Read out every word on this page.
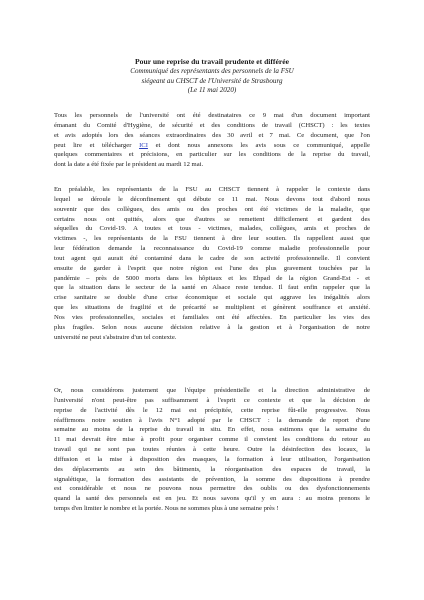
Pour une reprise du travail prudente et différée

Communiqué des représentants des personnels de la FSU

siégeant au CHSCT de l'Université de Strasbourg

(Le 11 mai 2020)

Tous les personnels de l'université ont été destinataires ce 9 mai d'un document important
émanant du Comité d'Hygiène, de sécurité et des conditions de travail (CHSCT) : les textes
et avis adoptés lors des séances extraordinaires des 30 avril et 7 mai. Ce document, que l'on
peut lire et télécharger ICI et dont nous annexons les avis sous ce communiqué, appelle
quelques commentaires et précisions, en particulier sur les conditions de la reprise du travail,
dont la date a été fixée par le président au mardi 12 mai.
En préalable, les représentants de la FSU au CHSCT tiennent à rappeler le contexte dans
lequel se déroule le déconfinement qui débute ce 11 mai. Nous devons tout d'abord nous
souvenir que des collègues, des amis ou des proches ont été victimes de la maladie, que
certains nous ont quittés, alors que d'autres se remettent difficilement et gardent des
séquelles du Covid-19. A toutes et tous - victimes, malades, collègues, amis et proches de
victimes -, les représentants de la FSU tiennent à dire leur soutien. Ils rappellent aussi que
leur fédération demande la reconnaissance du Covid-19 comme maladie professionnelle pour
tout agent qui aurait été contaminé dans le cadre de son activité professionnelle. Il convient
ensuite de garder à l'esprit que notre région est l'une des plus gravement touchées par la
pandémie – près de 5000 morts dans les hôpitaux et les Ehpad de la région Grand-Est - et
que la situation dans le secteur de la santé en Alsace reste tendue. Il faut enfin rappeler que la
crise sanitaire se double d'une crise économique et sociale qui aggrave les inégalités alors
que les situations de fragilité et de précarité se multiplient et génèrent souffrance et anxiété.
Nos vies professionnelles, sociales et familiales ont été affectées. En particulier les vies des
plus fragiles. Selon nous aucune décision relative à la gestion et à l'organisation de notre
université ne peut s'abstraire d'un tel contexte.
Or, nous considérons justement que l'équipe présidentielle et la direction administrative de
l'université n'ont peut-être pas suffisamment à l'esprit ce contexte et que la décision de
reprise de l'activité dès le 12 mai est précipitée, cette reprise fût-elle progressive. Nous
réaffirmons notre soutien à l'avis N°1 adopté par le CHSCT : la demande de report d'une
semaine au moins de la reprise du travail in situ. En effet, nous estimons que la semaine du
11 mai devrait être mise à profit pour organiser comme il convient les conditions du retour au
travail qui ne sont pas toutes réunies à cette heure. Outre la désinfection des locaux, la
diffusion et la mise à disposition des masques, la formation à leur utilisation, l'organisation
des déplacements au sein des bâtiments, la réorganisation des espaces de travail, la
signalétique, la formation des assistants de prévention, la somme des dispositions à prendre
est considérable et nous ne pouvons nous permettre des oublis ou des dysfonctionnements
quand la santé des personnels est en jeu. Et nous savons qu'il y en aura : au moins prenons le
temps d'en limiter le nombre et la portée. Nous ne sommes plus à une semaine près !
